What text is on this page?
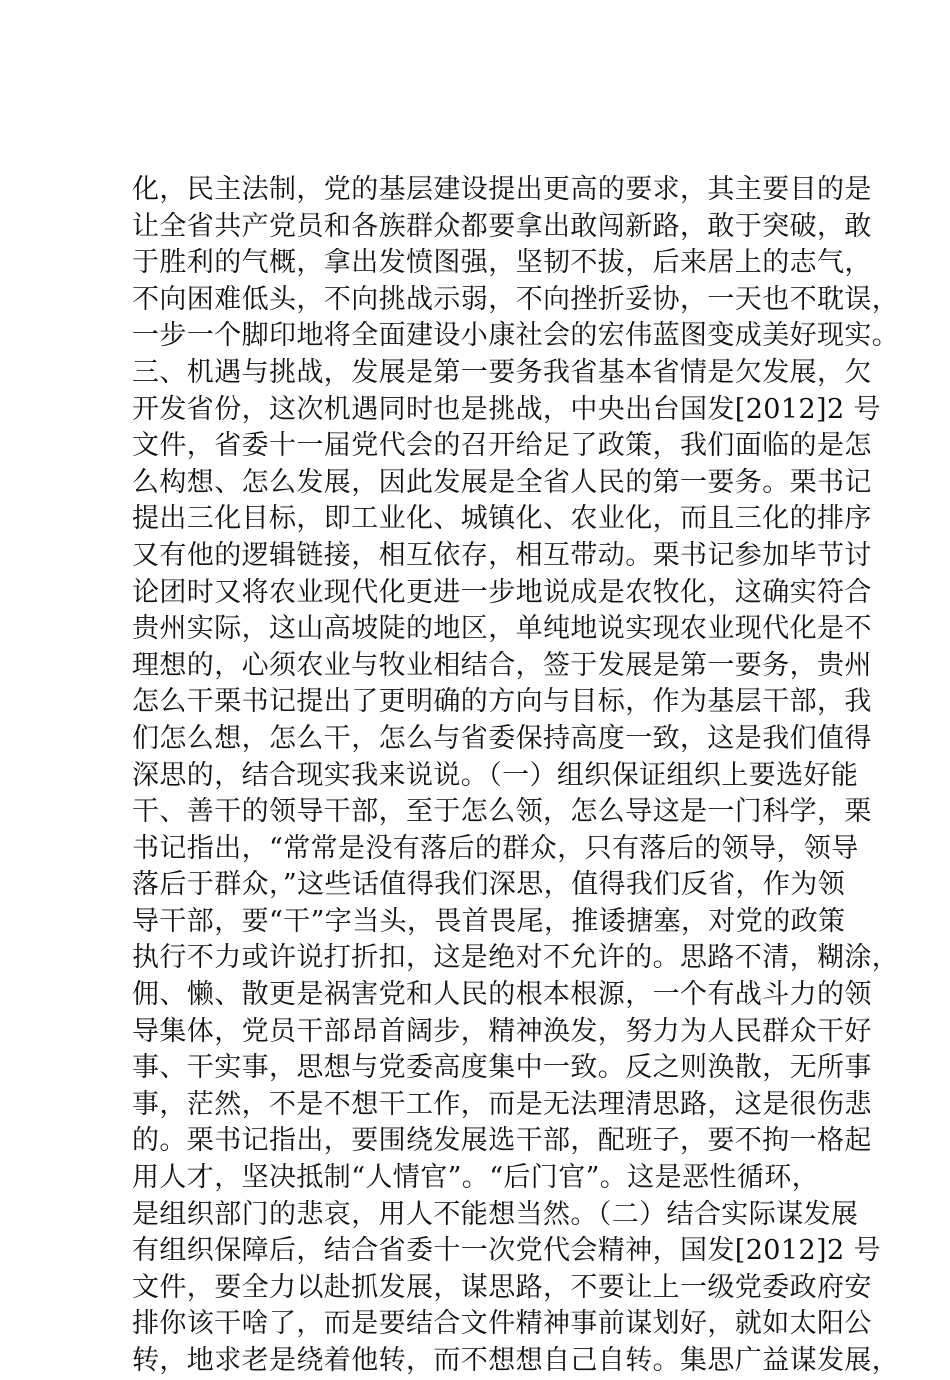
化，民主法制，党的基层建设提出更高的要求，其主要目的是
让全省共产党员和各族群众都要拿出敢闯新路，敢于突破，敢
于胜利的气概，拿出发愤图强，坚韧不拔，后来居上的志气，
不向困难低头，不向挑战示弱，不向挫折妥协，一天也不耽误，
一步一个脚印地将全面建设小康社会的宏伟蓝图变成美好现实。
三、机遇与挑战，发展是第一要务我省基本省情是欠发展，欠
开发省份，这次机遇同时也是挑战，中央出台国发[2012]2 号
文件，省委十一届党代会的召开给足了政策，我们面临的是怎
么构想、怎么发展，因此发展是全省人民的第一要务。栗书记
提出三化目标，即工业化、城镇化、农业化，而且三化的排序
又有他的逻辑链接，相互依存，相互带动。栗书记参加毕节讨
论团时又将农业现代化更进一步地说成是农牧化，这确实符合
贵州实际，这山高坡陡的地区，单纯地说实现农业现代化是不
理想的，心须农业与牧业相结合，签于发展是第一要务，贵州
怎么干栗书记提出了更明确的方向与目标，作为基层干部，我
们怎么想，怎么干，怎么与省委保持高度一致，这是我们值得
深思的，结合现实我来说说。（一）组织保证组织上要选好能
干、善干的领导干部，至于怎么领，怎么导这是一门科学，栗
书记指出，“常常是没有落后的群众，只有落后的领导，领导
落后于群众，”这些话值得我们深思，值得我们反省，作为领
导干部，要“干”字当头，畏首畏尾，推诿搪塞，对党的政策
执行不力或许说打折扣，这是绝对不允许的。思路不清，糊涂，
佣、懒、散更是祸害党和人民的根本根源，一个有战斗力的领
导集体，党员干部昂首阔步，精神涣发，努力为人民群众干好
事、干实事，思想与党委高度集中一致。反之则涣散，无所事
事，茫然，不是不想干工作，而是无法理清思路，这是很伤悲
的。栗书记指出，要围绕发展选干部，配班子，要不拘一格起
用人才，坚决抵制“人情官”。“后门官”。这是恶性循环，
是组织部门的悲哀，用人不能想当然。（二）结合实际谋发展
有组织保障后，结合省委十一次党代会精神，国发[2012]2 号
文件，要全力以赴抓发展，谋思路，不要让上一级党委政府安
排你该干啥了，而是要结合文件精神事前谋划好，就如太阳公
转，地求老是绕着他转，而不想想自己自转。集思广益谋发展，
